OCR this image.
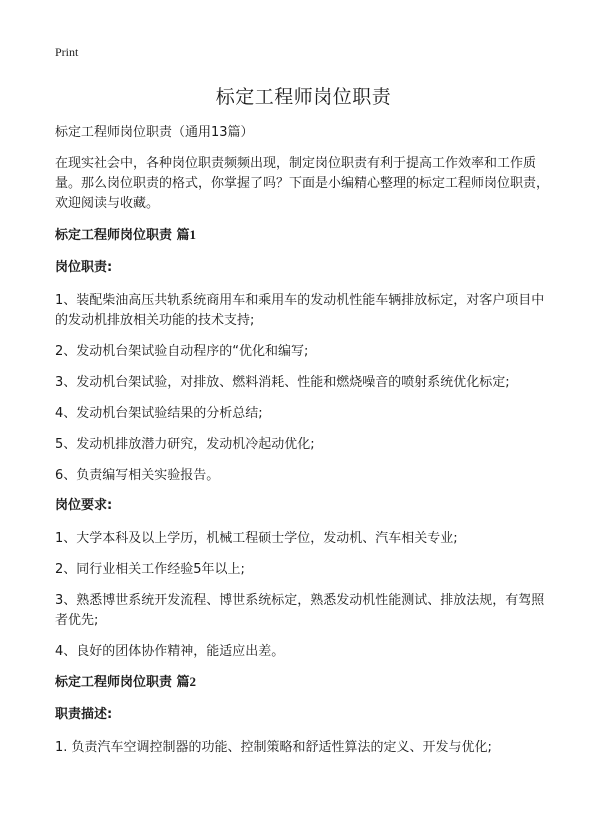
Print
标定工程师岗位职责
标定工程师岗位职责（通用13篇）

在现实社会中，各种岗位职责频频出现，制定岗位职责有利于提高工作效率和工作质量。那么岗位职责的格式，你掌握了吗？下面是小编精心整理的标定工程师岗位职责，欢迎阅读与收藏。

标定工程师岗位职责 篇1
岗位职责:

1、装配柴油高压共轨系统商用车和乘用车的发动机性能车辆排放标定，对客户项目中的发动机排放相关功能的技术支持;

2、发动机台架试验自动程序的“优化和编写;

3、发动机台架试验，对排放、燃料消耗、性能和燃烧噪音的喷射系统优化标定;

4、发动机台架试验结果的分析总结;

5、发动机排放潜力研究，发动机冷起动优化;

6、负责编写相关实验报告。

岗位要求:

1、大学本科及以上学历，机械工程硕士学位，发动机、汽车相关专业;

2、同行业相关工作经验5年以上;

3、熟悉博世系统开发流程、博世系统标定，熟悉发动机性能测试、排放法规，有驾照者优先;

4、良好的团体协作精神，能适应出差。

标定工程师岗位职责 篇2
职责描述:

1. 负责汽车空调控制器的功能、控制策略和舒适性算法的定义、开发与优化;
